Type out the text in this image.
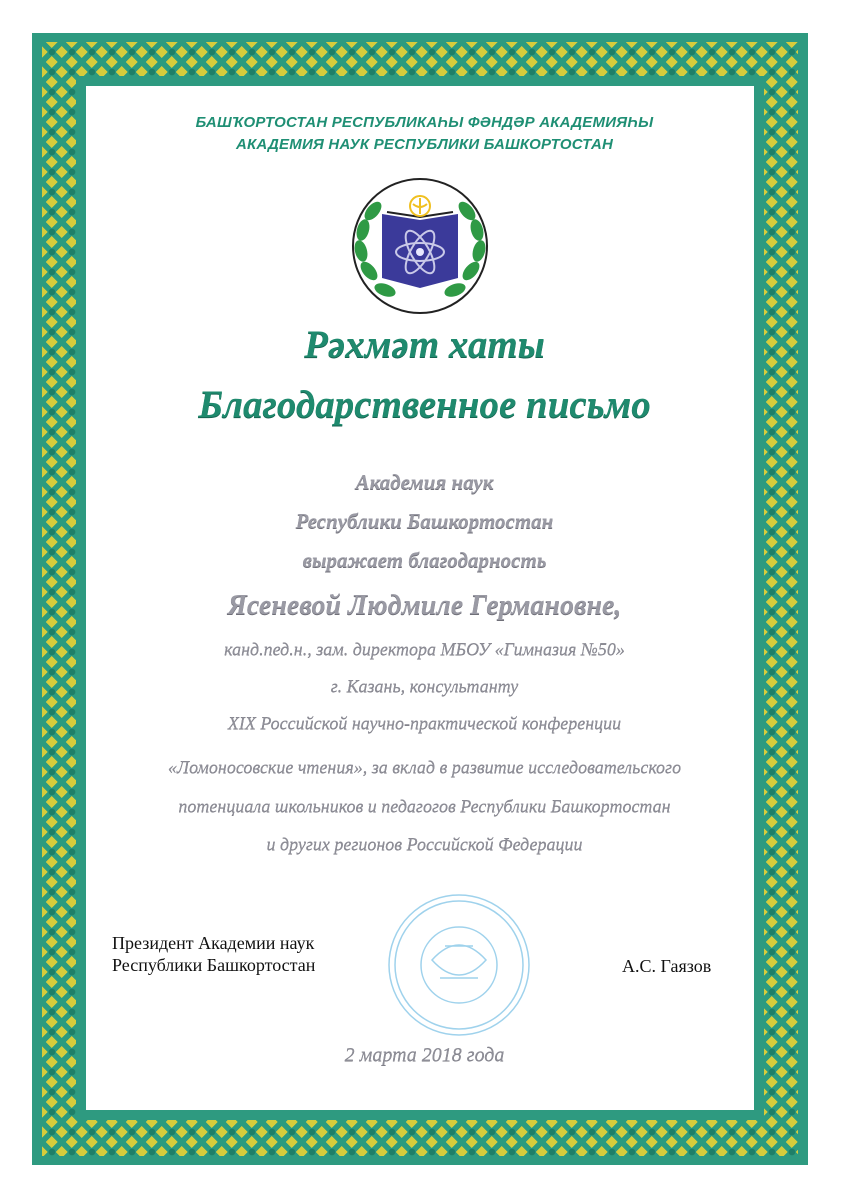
БАШҠОРТОСТАН РЕСПУБЛИКАҺЫ ФӘНДӘР АКАДЕМИЯҺЫ
АКАДЕМИЯ НАУК РЕСПУБЛИКИ БАШКОРТОСТАН
Рәхмәт хаты
Благодарственное письмо
Академия наук
Республики Башкортостан
выражает благодарность
Ясеневой Людмиле Германовне,
канд.пед.н., зам. директора МБОУ «Гимназия №50»
г. Казань, консультанту
XIX Российской научно-практической конференции
«Ломоносовские чтения», за вклад в развитие исследовательского
потенциала школьников и педагогов Республики Башкортостан
и других регионов Российской Федерации
Президент Академии наук
Республики Башкортостан	А.С. Гаязов
2 марта 2018 года
